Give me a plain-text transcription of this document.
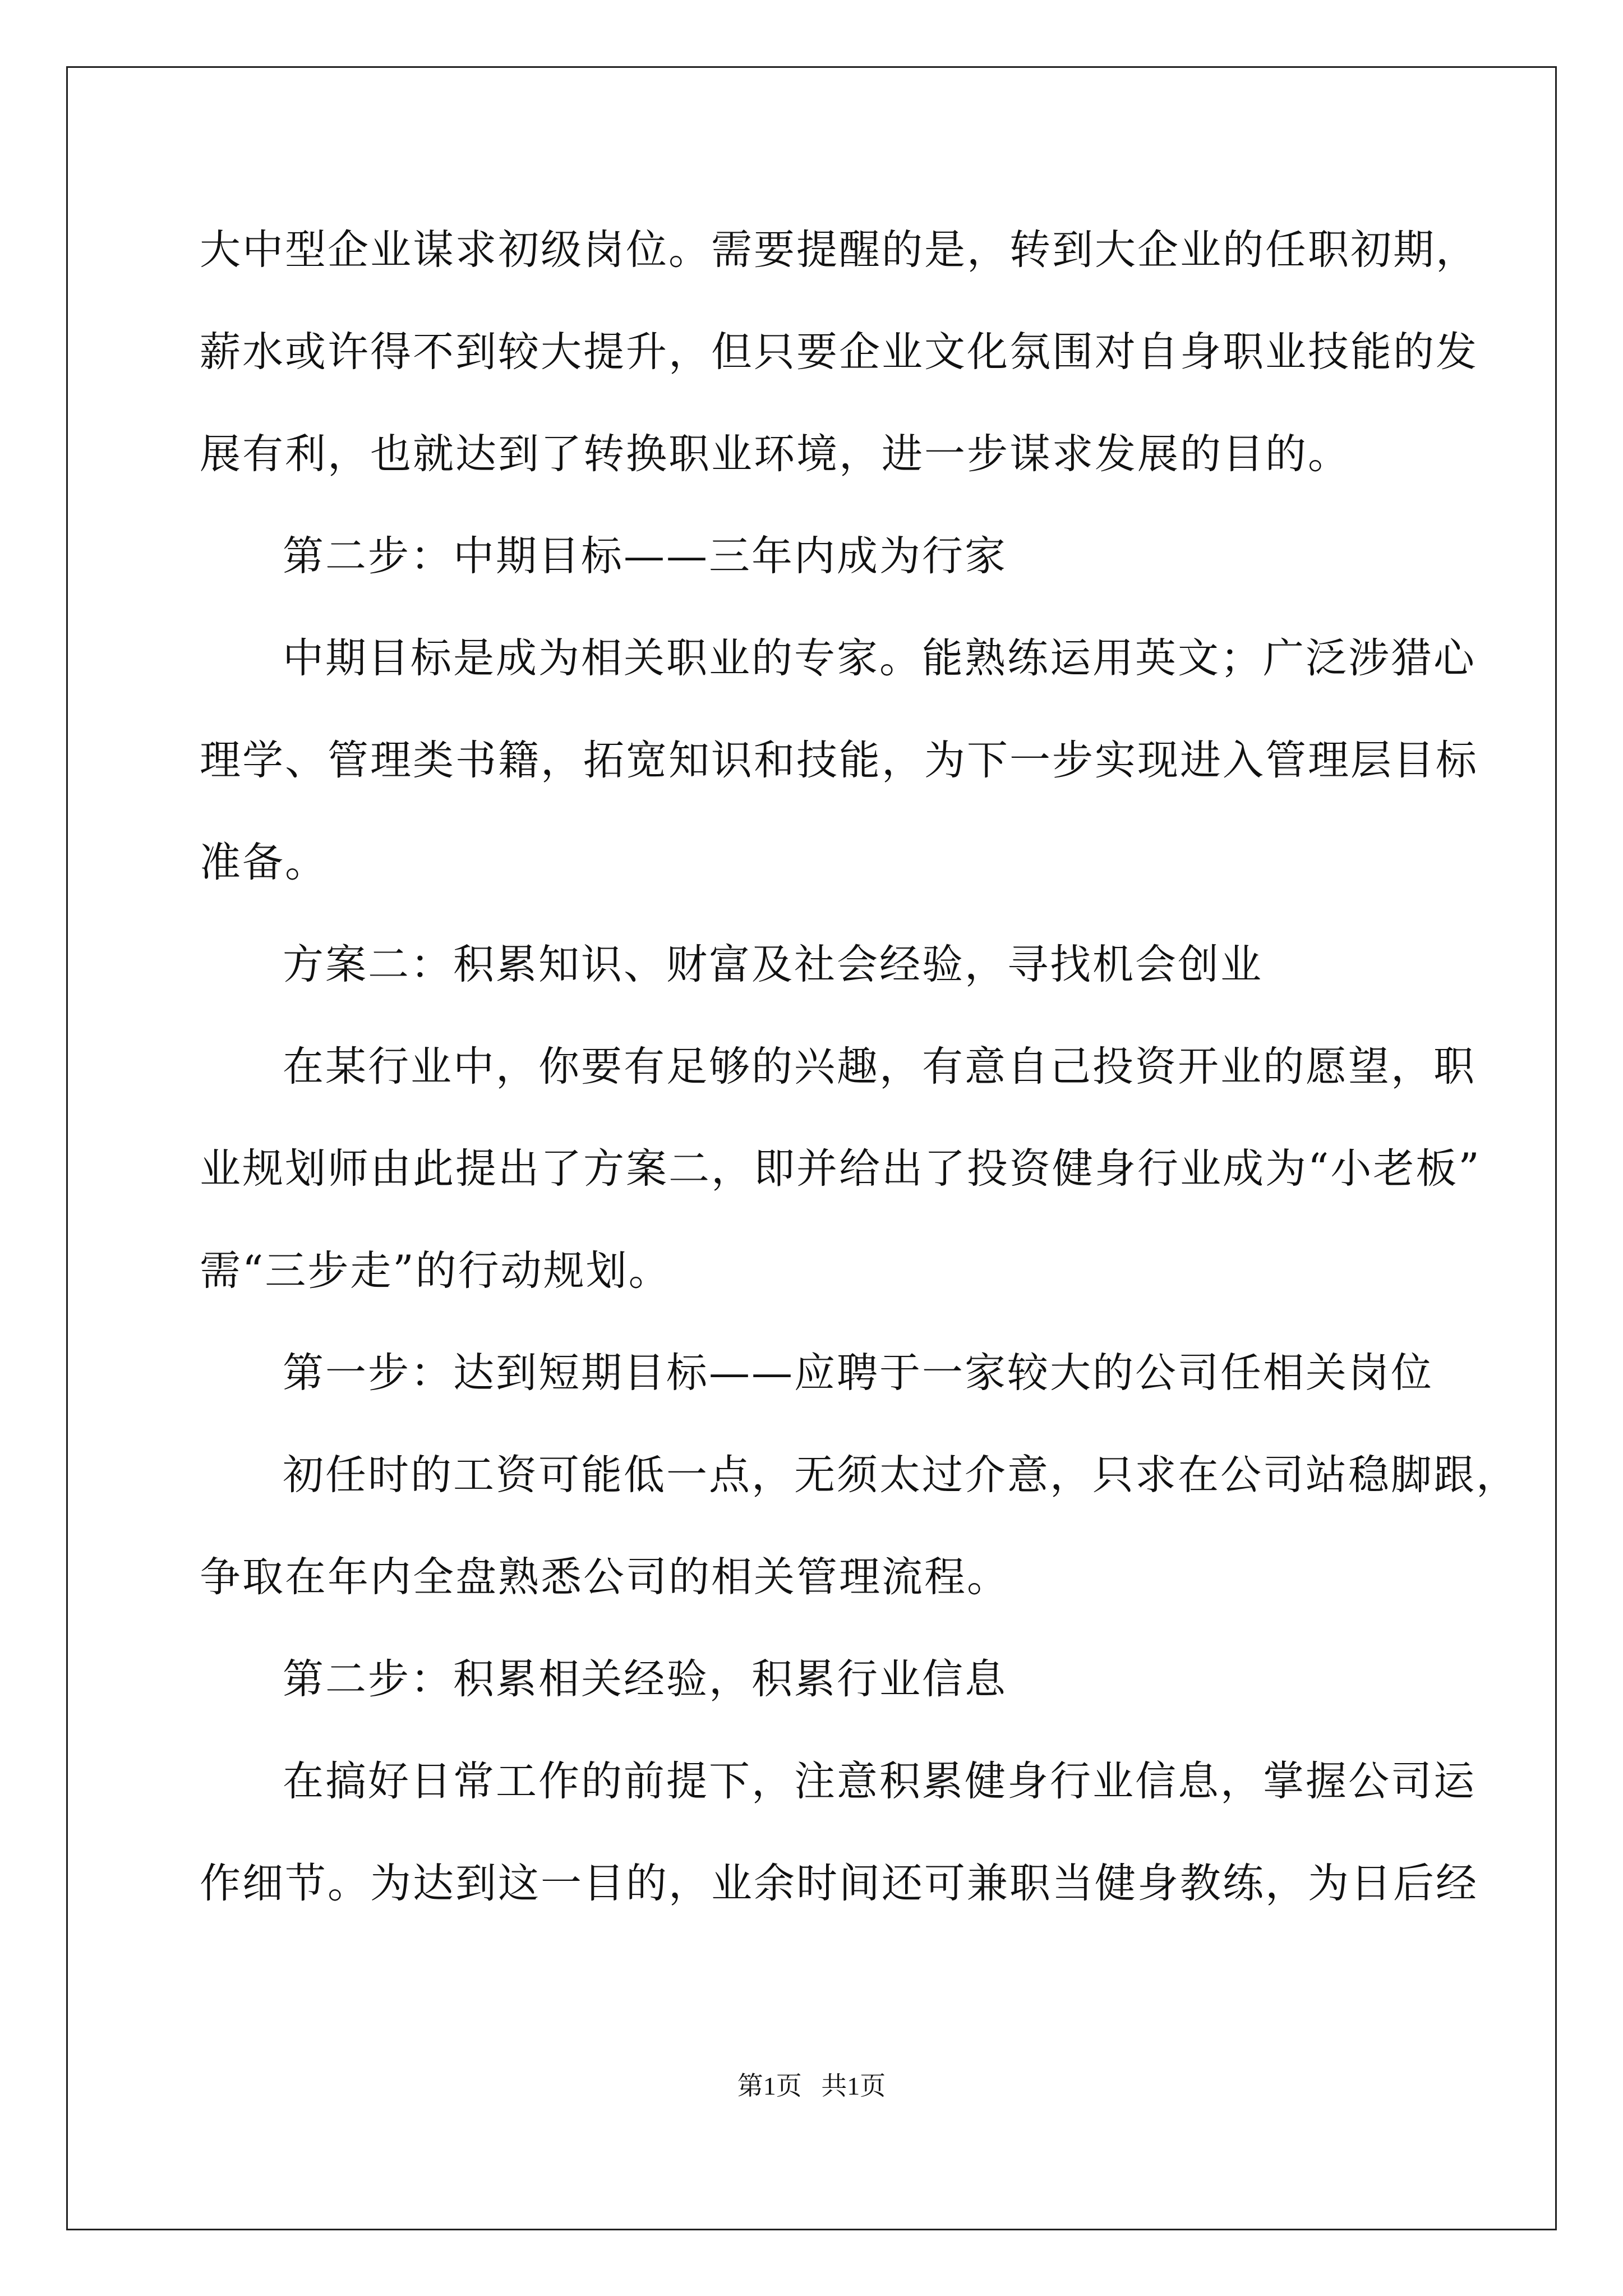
大中型企业谋求初级岗位。需要提醒的是，转到大企业的任职初期，
薪水或许得不到较大提升，但只要企业文化氛围对自身职业技能的发
展有利，也就达到了转换职业环境，进一步谋求发展的目的。
第二步：中期目标——三年内成为行家
中期目标是成为相关职业的专家。能熟练运用英文；广泛涉猎心
理学、管理类书籍，拓宽知识和技能，为下一步实现进入管理层目标
准备。
方案二：积累知识、财富及社会经验，寻找机会创业
在某行业中，你要有足够的兴趣，有意自己投资开业的愿望，职
业规划师由此提出了方案二，即并给出了投资健身行业成为“小老板”
需“三步走”的行动规划。
第一步：达到短期目标——应聘于一家较大的公司任相关岗位
初任时的工资可能低一点，无须太过介意，只求在公司站稳脚跟，
争取在年内全盘熟悉公司的相关管理流程。
第二步：积累相关经验，积累行业信息
在搞好日常工作的前提下，注意积累健身行业信息，掌握公司运
作细节。为达到这一目的，业余时间还可兼职当健身教练，为日后经
第1页   共1页
